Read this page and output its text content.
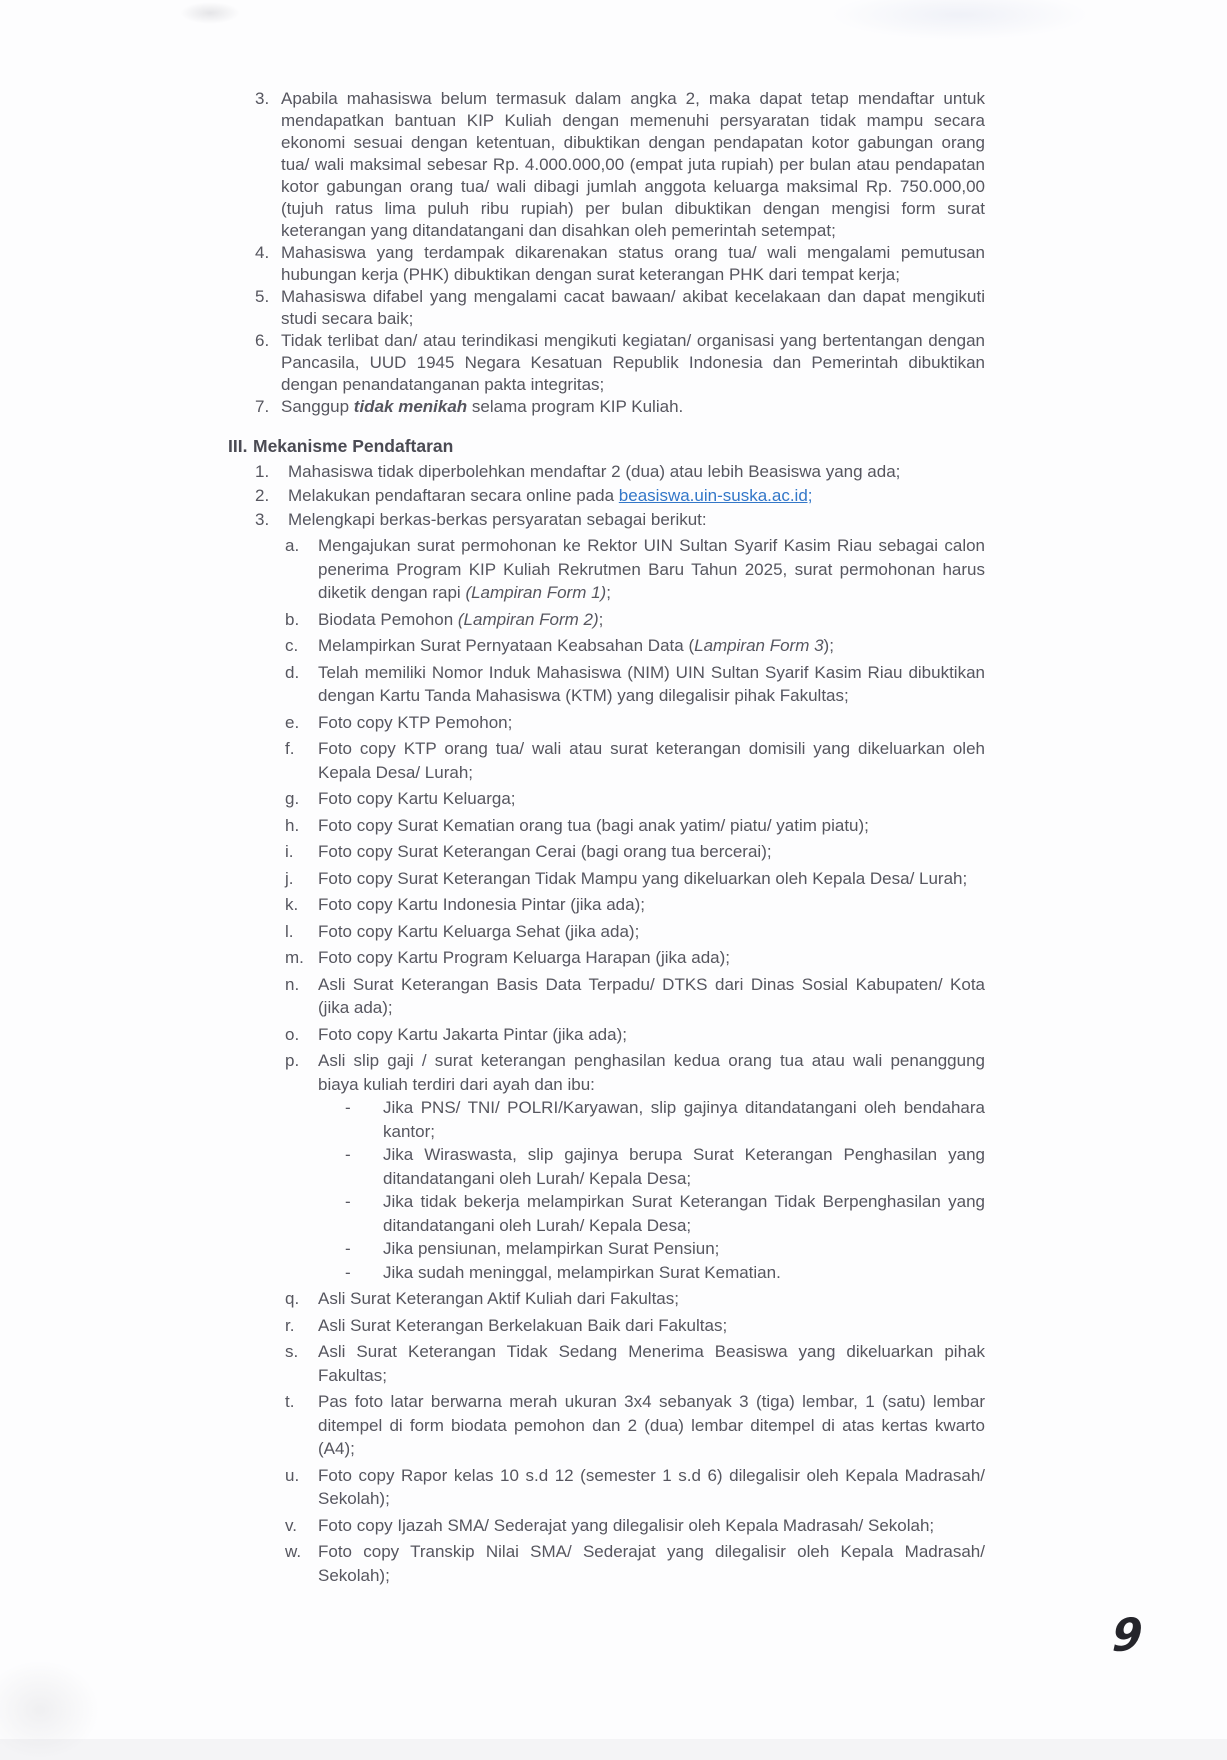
3. Apabila mahasiswa belum termasuk dalam angka 2, maka dapat tetap mendaftar untuk mendapatkan bantuan KIP Kuliah dengan memenuhi persyaratan tidak mampu secara ekonomi sesuai dengan ketentuan, dibuktikan dengan pendapatan kotor gabungan orang tua/ wali maksimal sebesar Rp. 4.000.000,00 (empat juta rupiah) per bulan atau pendapatan kotor gabungan orang tua/ wali dibagi jumlah anggota keluarga maksimal Rp. 750.000,00 (tujuh ratus lima puluh ribu rupiah) per bulan dibuktikan dengan mengisi form surat keterangan yang ditandatangani dan disahkan oleh pemerintah setempat;
4. Mahasiswa yang terdampak dikarenakan status orang tua/ wali mengalami pemutusan hubungan kerja (PHK) dibuktikan dengan surat keterangan PHK dari tempat kerja;
5. Mahasiswa difabel yang mengalami cacat bawaan/ akibat kecelakaan dan dapat mengikuti studi secara baik;
6. Tidak terlibat dan/ atau terindikasi mengikuti kegiatan/ organisasi yang bertentangan dengan Pancasila, UUD 1945 Negara Kesatuan Republik Indonesia dan Pemerintah dibuktikan dengan penandatanganan pakta integritas;
7. Sanggup tidak menikah selama program KIP Kuliah.
III. Mekanisme Pendaftaran
1. Mahasiswa tidak diperbolehkan mendaftar 2 (dua) atau lebih Beasiswa yang ada;
2. Melakukan pendaftaran secara online pada beasiswa.uin-suska.ac.id;
3. Melengkapi berkas-berkas persyaratan sebagai berikut:
a. Mengajukan surat permohonan ke Rektor UIN Sultan Syarif Kasim Riau sebagai calon penerima Program KIP Kuliah Rekrutmen Baru Tahun 2025, surat permohonan harus diketik dengan rapi (Lampiran Form 1);
b. Biodata Pemohon (Lampiran Form 2);
c. Melampirkan Surat Pernyataan Keabsahan Data (Lampiran Form 3);
d. Telah memiliki Nomor Induk Mahasiswa (NIM) UIN Sultan Syarif Kasim Riau dibuktikan dengan Kartu Tanda Mahasiswa (KTM) yang dilegalisir pihak Fakultas;
e. Foto copy KTP Pemohon;
f. Foto copy KTP orang tua/ wali atau surat keterangan domisili yang dikeluarkan oleh Kepala Desa/ Lurah;
g. Foto copy Kartu Keluarga;
h. Foto copy Surat Kematian orang tua (bagi anak yatim/ piatu/ yatim piatu);
i. Foto copy Surat Keterangan Cerai (bagi orang tua bercerai);
j. Foto copy Surat Keterangan Tidak Mampu yang dikeluarkan oleh Kepala Desa/ Lurah;
k. Foto copy Kartu Indonesia Pintar (jika ada);
l. Foto copy Kartu Keluarga Sehat (jika ada);
m. Foto copy Kartu Program Keluarga Harapan (jika ada);
n. Asli Surat Keterangan Basis Data Terpadu/ DTKS dari Dinas Sosial Kabupaten/ Kota (jika ada);
o. Foto copy Kartu Jakarta Pintar (jika ada);
p. Asli slip gaji / surat keterangan penghasilan kedua orang tua atau wali penanggung biaya kuliah terdiri dari ayah dan ibu:
- Jika PNS/ TNI/ POLRI/Karyawan, slip gajinya ditandatangani oleh bendahara kantor;
- Jika Wiraswasta, slip gajinya berupa Surat Keterangan Penghasilan yang ditandatangani oleh Lurah/ Kepala Desa;
- Jika tidak bekerja melampirkan Surat Keterangan Tidak Berpenghasilan yang ditandatangani oleh Lurah/ Kepala Desa;
- Jika pensiunan, melampirkan Surat Pensiun;
- Jika sudah meninggal, melampirkan Surat Kematian.
q. Asli Surat Keterangan Aktif Kuliah dari Fakultas;
r. Asli Surat Keterangan Berkelakuan Baik dari Fakultas;
s. Asli Surat Keterangan Tidak Sedang Menerima Beasiswa yang dikeluarkan pihak Fakultas;
t. Pas foto latar berwarna merah ukuran 3x4 sebanyak 3 (tiga) lembar, 1 (satu) lembar ditempel di form biodata pemohon dan 2 (dua) lembar ditempel di atas kertas kwarto (A4);
u. Foto copy Rapor kelas 10 s.d 12 (semester 1 s.d 6) dilegalisir oleh Kepala Madrasah/ Sekolah);
v. Foto copy Ijazah SMA/ Sederajat yang dilegalisir oleh Kepala Madrasah/ Sekolah;
w. Foto copy Transkip Nilai SMA/ Sederajat yang dilegalisir oleh Kepala Madrasah/ Sekolah);
9
